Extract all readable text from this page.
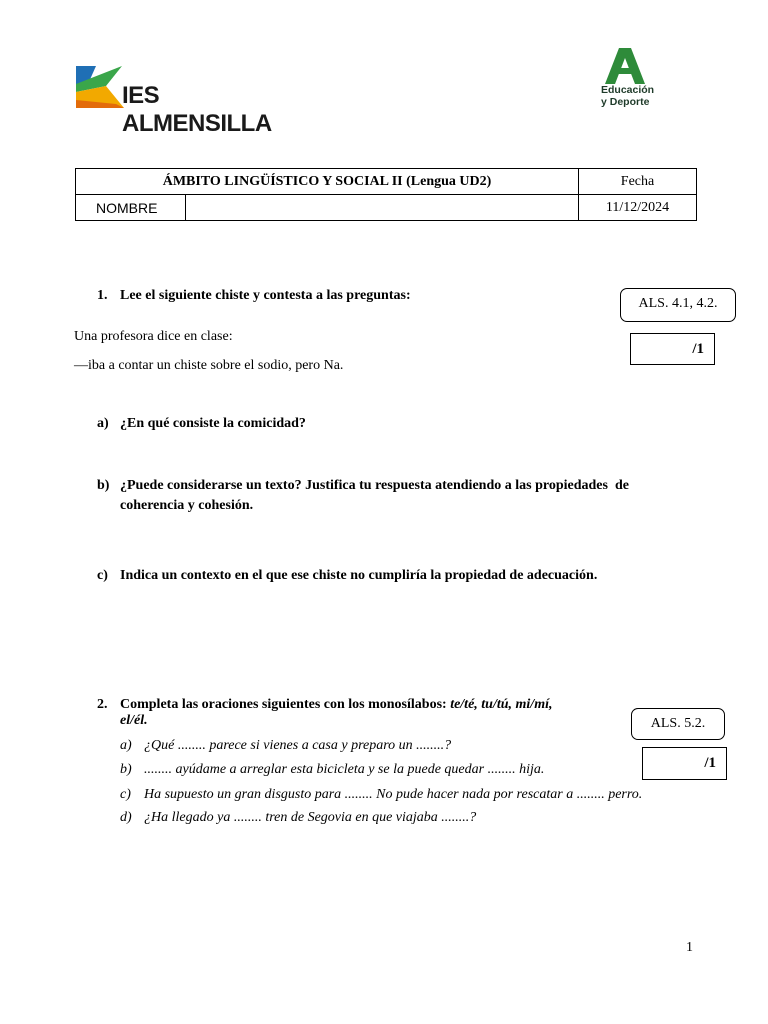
IES ALMENSILLA
Educación
y Deporte
ÁMBITO LINGÜÍSTICO Y SOCIAL II (Lengua UD2)		Fecha
NOMBRE		11/12/2024
1. Lee el siguiente chiste y contesta a las preguntas:
ALS. 4.1, 4.2.
/1
Una profesora dice en clase:
—iba a contar un chiste sobre el sodio, pero Na.
a) ¿En qué consiste la comicidad?
b) ¿Puede considerarse un texto? Justifica tu respuesta atendiendo a las propiedades  de
coherencia y cohesión.
c) Indica un contexto en el que ese chiste no cumpliría la propiedad de adecuación.
2. Completa las oraciones siguientes con los monosílabos: te/té, tu/tú, mi/mí,
el/él.	ALS. 5.2.
/1
a) ¿Qué ........ parece si vienes a casa y preparo un ........?
b) ........ ayúdame a arreglar esta bicicleta y se la puede quedar ........ hija.
c) Ha supuesto un gran disgusto para ........ No pude hacer nada por rescatar a ........ perro.
d) ¿Ha llegado ya ........ tren de Segovia en que viajaba ........?
1
